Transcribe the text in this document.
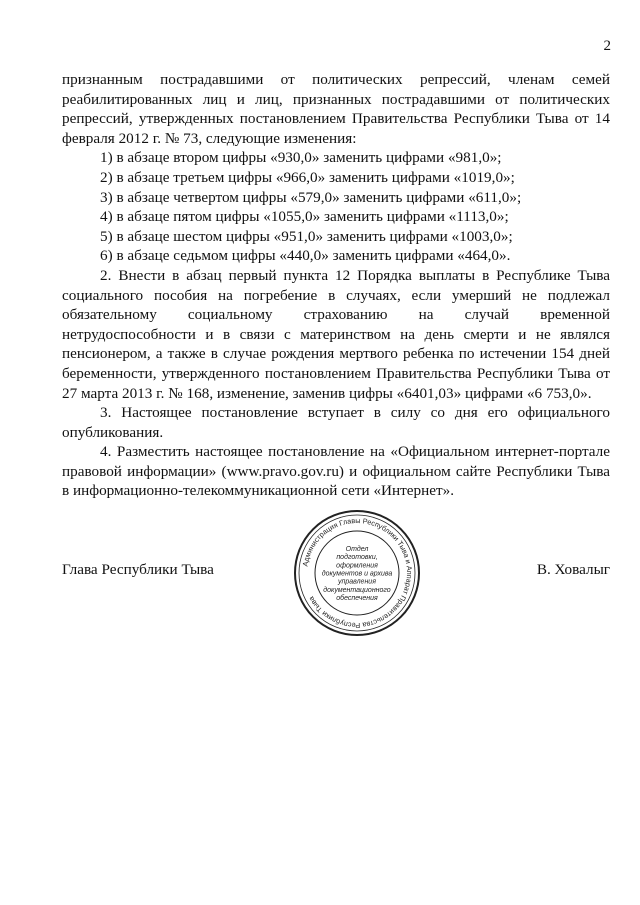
2

признанным пострадавшими от политических репрессий, членам семей реабилитированных лиц и лиц, признанных пострадавшими от политических репрессий, утвержденных постановлением Правительства Республики Тыва от 14 февраля 2012 г. № 73, следующие изменения:

1) в абзаце втором цифры «930,0» заменить цифрами «981,0»;

2) в абзаце третьем цифры «966,0» заменить цифрами «1019,0»;

3) в абзаце четвертом цифры «579,0» заменить цифрами «611,0»;

4) в абзаце пятом цифры «1055,0» заменить цифрами «1113,0»;

5) в абзаце шестом цифры «951,0» заменить цифрами «1003,0»;

6) в абзаце седьмом цифры «440,0» заменить цифрами «464,0».

2. Внести в абзац первый пункта 12 Порядка выплаты в Республике Тыва социального пособия на погребение в случаях, если умерший не подлежал обязательному социальному страхованию на случай временной нетрудоспособности и в связи с материнством на день смерти и не являлся пенсионером, а также в случае рождения мертвого ребенка по истечении 154 дней беременности, утвержденного постановлением Правительства Республики Тыва от 27 марта 2013 г. № 168, изменение, заменив цифры «6401,03» цифрами «6 753,0».

3. Настоящее постановление вступает в силу со дня его официального опубликования.

4. Разместить настоящее постановление на «Официальном интернет-портале правовой информации» (www.pravo.gov.ru) и официальном сайте Республики Тыва в информационно-телекоммуникационной сети «Интернет».

Глава Республики Тыва	В. Ховалыг
Администрация Главы Республики Тыва и Аппарат Правительства Республики Тыва
Отдел
подготовки,
оформления
документов и архива
управления
документационного
обеспечения
